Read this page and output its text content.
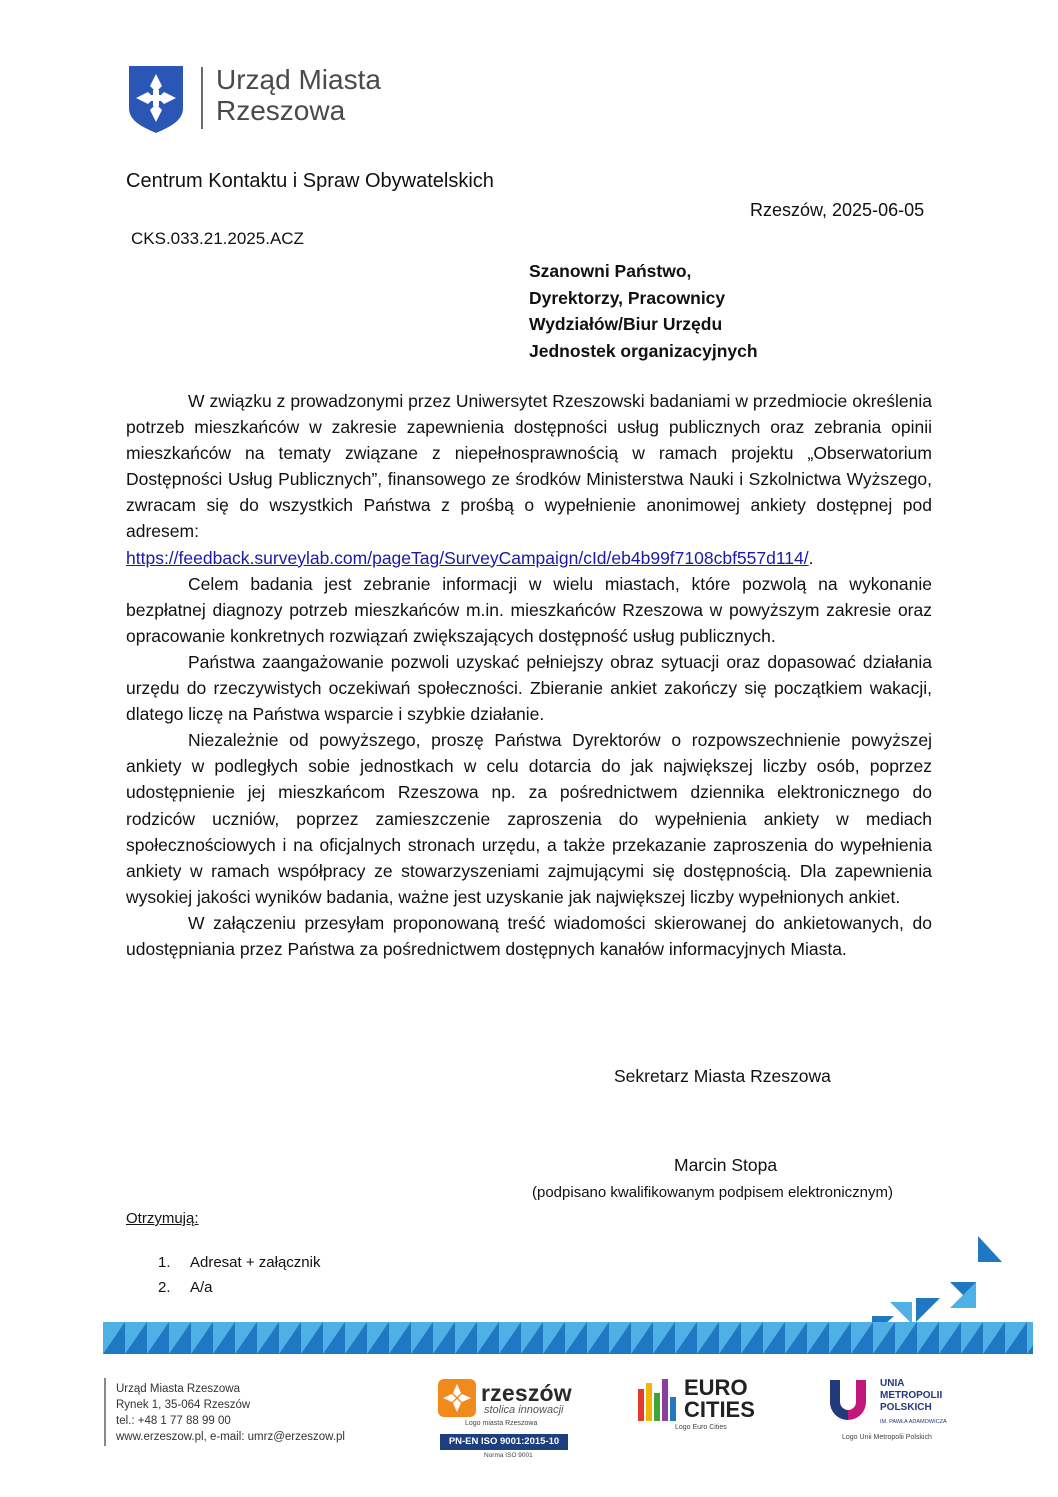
Urząd Miasta
Rzeszowa
Centrum Kontaktu i Spraw Obywatelskich
Rzeszów, 2025-06-05
CKS.033.21.2025.ACZ
Szanowni Państwo,
Dyrektorzy, Pracownicy
Wydziałów/Biur Urzędu
Jednostek organizacyjnych

W związku z prowadzonymi przez Uniwersytet Rzeszowski badaniami w przedmiocie określenia potrzeb mieszkańców w zakresie zapewnienia dostępności usług publicznych oraz zebrania opinii mieszkańców na tematy związane z niepełnosprawnością w ramach projektu „Obserwatorium Dostępności Usług Publicznych”, finansowego ze środków Ministerstwa Nauki i Szkolnictwa Wyższego, zwracam się do wszystkich Państwa z prośbą o wypełnienie anonimowej ankiety dostępnej pod adresem:

https://feedback.surveylab.com/pageTag/SurveyCampaign/cId/eb4b99f7108cbf557d114/.

Celem badania jest zebranie informacji w wielu miastach, które pozwolą na wykonanie bezpłatnej diagnozy potrzeb mieszkańców m.in. mieszkańców Rzeszowa w powyższym zakresie oraz opracowanie konkretnych rozwiązań zwiększających dostępność usług publicznych.

Państwa zaangażowanie pozwoli uzyskać pełniejszy obraz sytuacji oraz dopasować działania urzędu do rzeczywistych oczekiwań społeczności. Zbieranie ankiet zakończy się początkiem wakacji, dlatego liczę na Państwa wsparcie i szybkie działanie.

Niezależnie od powyższego, proszę Państwa Dyrektorów o rozpowszechnienie powyższej ankiety w podległych sobie jednostkach w celu dotarcia do jak największej liczby osób, poprzez udostępnienie jej mieszkańcom Rzeszowa np. za pośrednictwem dziennika elektronicznego do rodziców uczniów, poprzez zamieszczenie zaproszenia do wypełnienia ankiety w mediach społecznościowych i na oficjalnych stronach urzędu, a także przekazanie zaproszenia do wypełnienia ankiety w ramach współpracy ze stowarzyszeniami zajmującymi się dostępnością. Dla zapewnienia wysokiej jakości wyników badania, ważne jest uzyskanie jak największej liczby wypełnionych ankiet.

W załączeniu przesyłam proponowaną treść wiadomości skierowanej do ankietowanych, do udostępniania przez Państwa za pośrednictwem dostępnych kanałów informacyjnych Miasta.

Sekretarz Miasta Rzeszowa
Marcin Stopa
(podpisano kwalifikowanym podpisem elektronicznym)
Otrzymują:
1. Adresat + załącznik
2. A/a
Urząd Miasta Rzeszowa
Rynek 1, 35-064 Rzeszów
tel.: +48 1 77 88 99 00
www.erzeszow.pl, e-mail: umrz@erzeszow.pl
rzeszów
stolica innowacji
Logo miasta Rzeszowa
PN-EN ISO 9001:2015-10
Norma ISO 9001
EURO
CITIES
Logo Euro Cities
UNIA
METROPOLII
POLSKICH
IM. PAWŁA ADAMOWICZA
Logo Unii Metropolii Polskich
